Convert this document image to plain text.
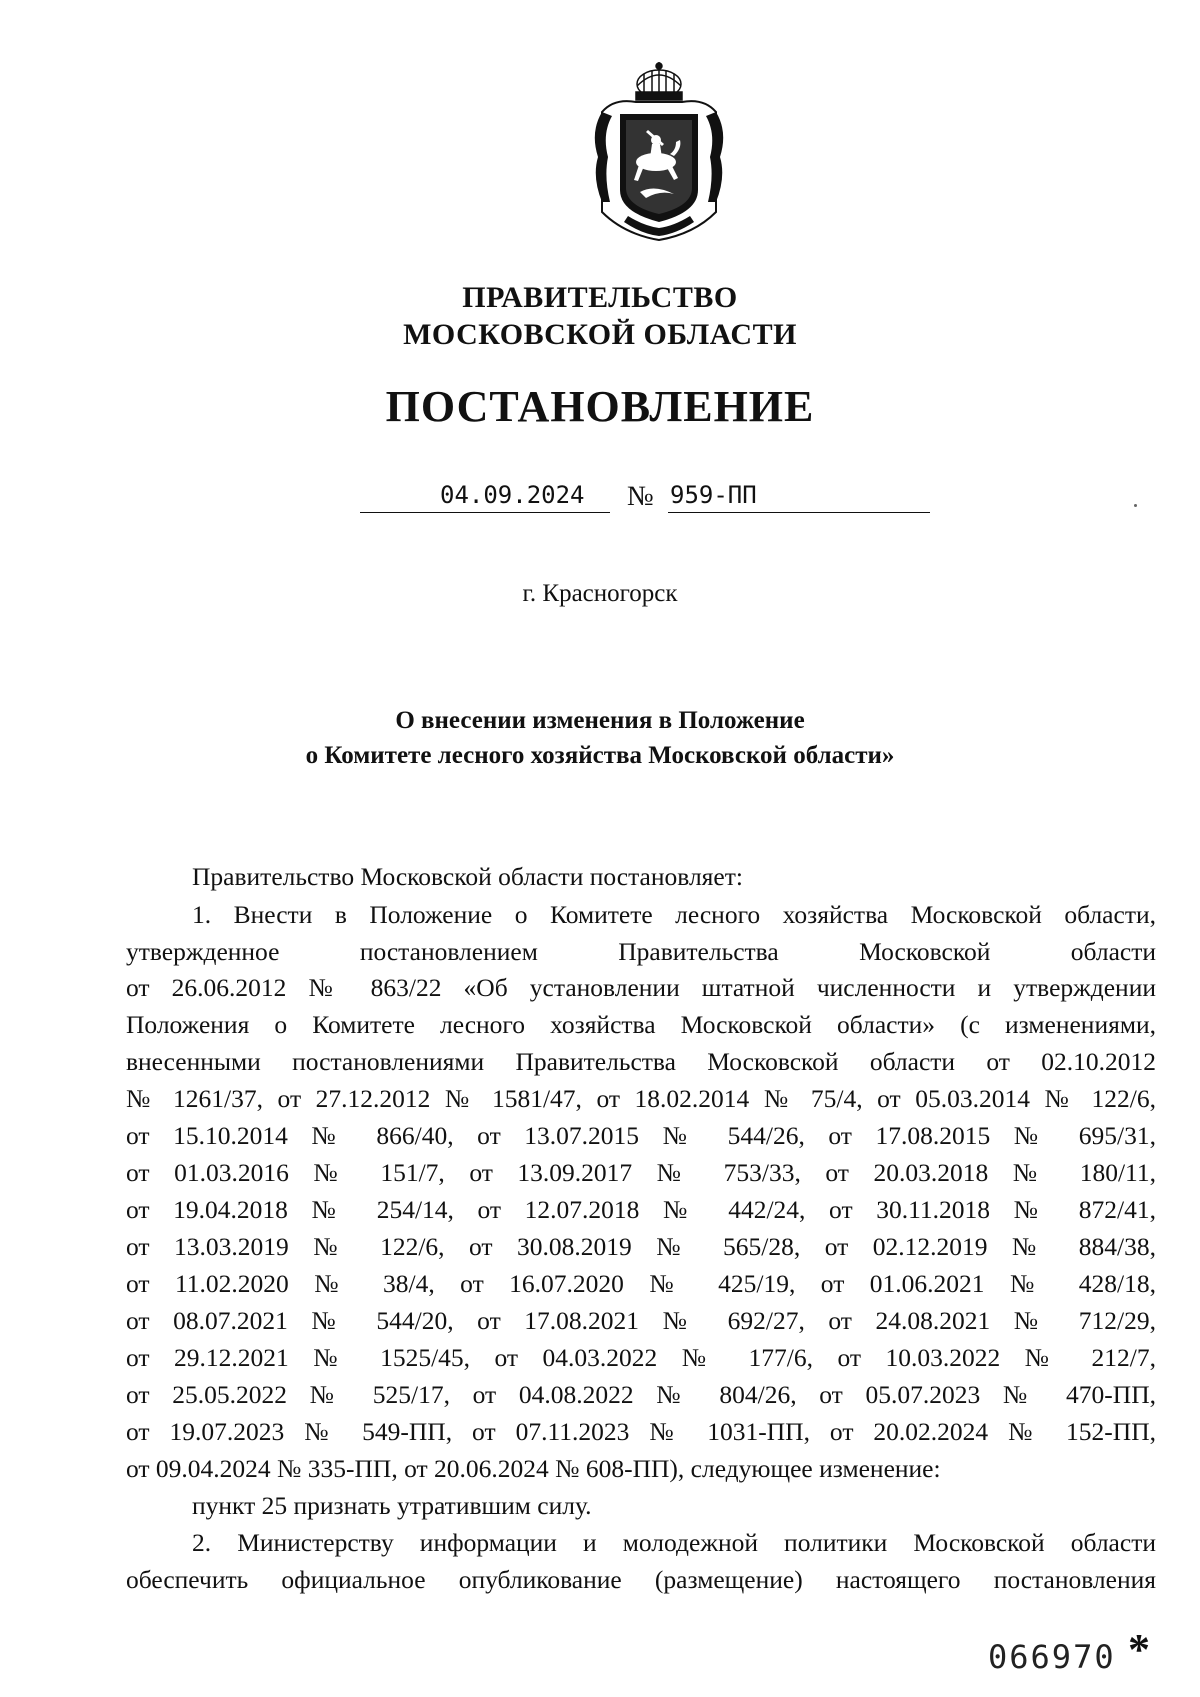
ПРАВИТЕЛЬСТВО
МОСКОВСКОЙ ОБЛАСТИ
ПОСТАНОВЛЕНИЕ
04.09.2024 № 959-ПП
г. Красногорск
О внесении изменения в Положение
о Комитете лесного хозяйства Московской области»
Правительство Московской области постановляет:
1. Внести в Положение о Комитете лесного хозяйства Московской области,
утвержденное постановлением Правительства Московской области
от 26.06.2012 № 863/22 «Об установлении штатной численности и утверждении
Положения о Комитете лесного хозяйства Московской области» (с изменениями,
внесенными постановлениями Правительства Московской области от 02.10.2012
№ 1261/37, от 27.12.2012 № 1581/47, от 18.02.2014 № 75/4, от 05.03.2014 № 122/6,
от 15.10.2014 № 866/40, от 13.07.2015 № 544/26, от 17.08.2015 № 695/31,
от 01.03.2016 № 151/7, от 13.09.2017 № 753/33, от 20.03.2018 № 180/11,
от 19.04.2018 № 254/14, от 12.07.2018 № 442/24, от 30.11.2018 № 872/41,
от 13.03.2019 № 122/6, от 30.08.2019 № 565/28, от 02.12.2019 № 884/38,
от 11.02.2020 № 38/4, от 16.07.2020 № 425/19, от 01.06.2021 № 428/18,
от 08.07.2021 № 544/20, от 17.08.2021 № 692/27, от 24.08.2021 № 712/29,
от 29.12.2021 № 1525/45, от 04.03.2022 № 177/6, от 10.03.2022 № 212/7,
от 25.05.2022 № 525/17, от 04.08.2022 № 804/26, от 05.07.2023 № 470-ПП,
от 19.07.2023 № 549-ПП, от 07.11.2023 № 1031-ПП, от 20.02.2024 № 152-ПП,
от 09.04.2024 № 335-ПП, от 20.06.2024 № 608-ПП), следующее изменение:
пункт 25 признать утратившим силу.
2. Министерству информации и молодежной политики Московской области
обеспечить официальное опубликование (размещение) настоящего постановления
066970 *
